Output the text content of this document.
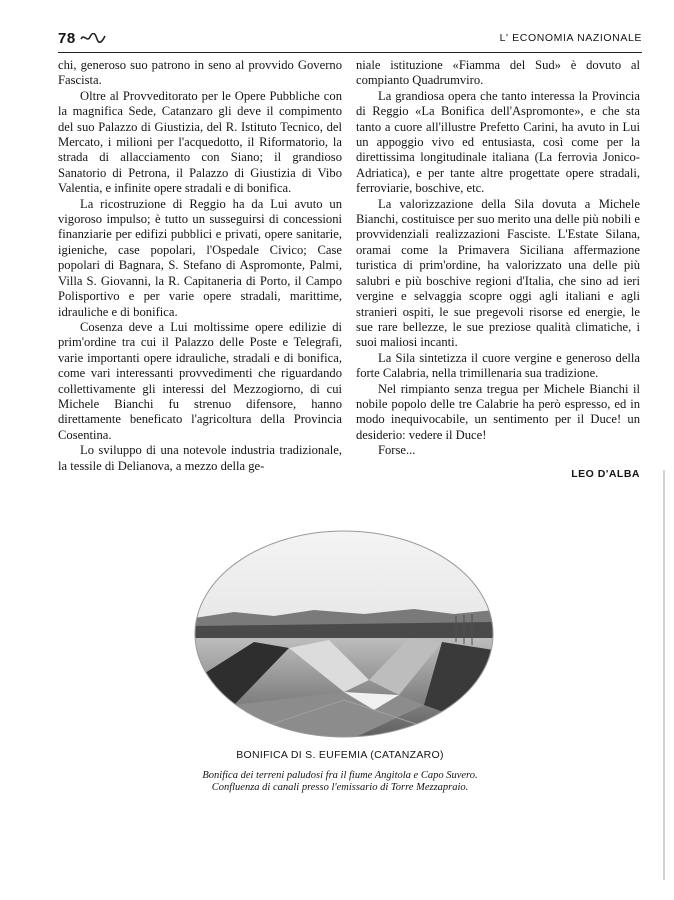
78	L' ECONOMIA NAZIONALE

chi, generoso suo patrono in seno al provvido Governo Fascista.

Oltre al Provveditorato per le Opere Pubbliche con la magnifica Sede, Catanzaro gli deve il compimento del suo Palazzo di Giustizia, del R. Istituto Tecnico, del Mercato, i milioni per l'acquedotto, il Riformatorio, la strada di allacciamento con Siano; il grandioso Sanatorio di Petrona, il Palazzo di Giustizia di Vibo Valentia, e infinite opere stradali e di bonifica.

La ricostruzione di Reggio ha da Lui avuto un vigoroso impulso; è tutto un susseguirsi di concessioni finanziarie per edifizi pubblici e privati, opere sanitarie, igieniche, case popolari, l'Ospedale Civico; Case popolari di Bagnara, S. Stefano di Aspromonte, Palmi, Villa S. Giovanni, la R. Capitaneria di Porto, il Campo Polisportivo e per varie opere stradali, marittime, idrauliche e di bonifica.

Cosenza deve a Lui moltissime opere edilizie di prim'ordine tra cui il Palazzo delle Poste e Telegrafi, varie importanti opere idrauliche, stradali e di bonifica, come vari interessanti provvedimenti che riguardando collettivamente gli interessi del Mezzogiorno, di cui Michele Bianchi fu strenuo difensore, hanno direttamente beneficato l'agricoltura della Provincia Cosentina.

Lo sviluppo di una notevole industria tradizionale, la tessile di Delianova, a mezzo della ge-

niale istituzione «Fiamma del Sud» è dovuto al compianto Quadrumviro.

La grandiosa opera che tanto interessa la Provincia di Reggio «La Bonifica dell'Aspromonte», e che sta tanto a cuore all'illustre Prefetto Carini, ha avuto in Lui un appoggio vivo ed entusiasta, così come per la direttissima longitudinale italiana (La ferrovia Jonico-Adriatica), e per tante altre progettate opere stradali, ferroviarie, boschive, etc.

La valorizzazione della Sila dovuta a Michele Bianchi, costituisce per suo merito una delle più nobili e provvidenziali realizzazioni Fasciste. L'Estate Silana, oramai come la Primavera Siciliana affermazione turistica di prim'ordine, ha valorizzato una delle più salubri e più boschive regioni d'Italia, che sino ad ieri vergine e selvaggia scopre oggi agli italiani e agli stranieri ospiti, le sue pregevoli risorse ed energie, le sue rare bellezze, le sue preziose qualità climatiche, i suoi maliosi incanti.

La Sila sintetizza il cuore vergine e generoso della forte Calabria, nella trimillenaria sua tradizione.

Nel rimpianto senza tregua per Michele Bianchi il nobile popolo delle tre Calabrie ha però espresso, ed in modo inequivocabile, un sentimento per il Duce! un desiderio: vedere il Duce!

Forse...

LEO D'ALBA
BONIFICA DI S. EUFEMIA (CATANZARO)
Bonifica dei terreni paludosi fra il fiume Angitola e Capo Suvero.
Confluenza di canali presso l'emissario di Torre Mezzapraio.
